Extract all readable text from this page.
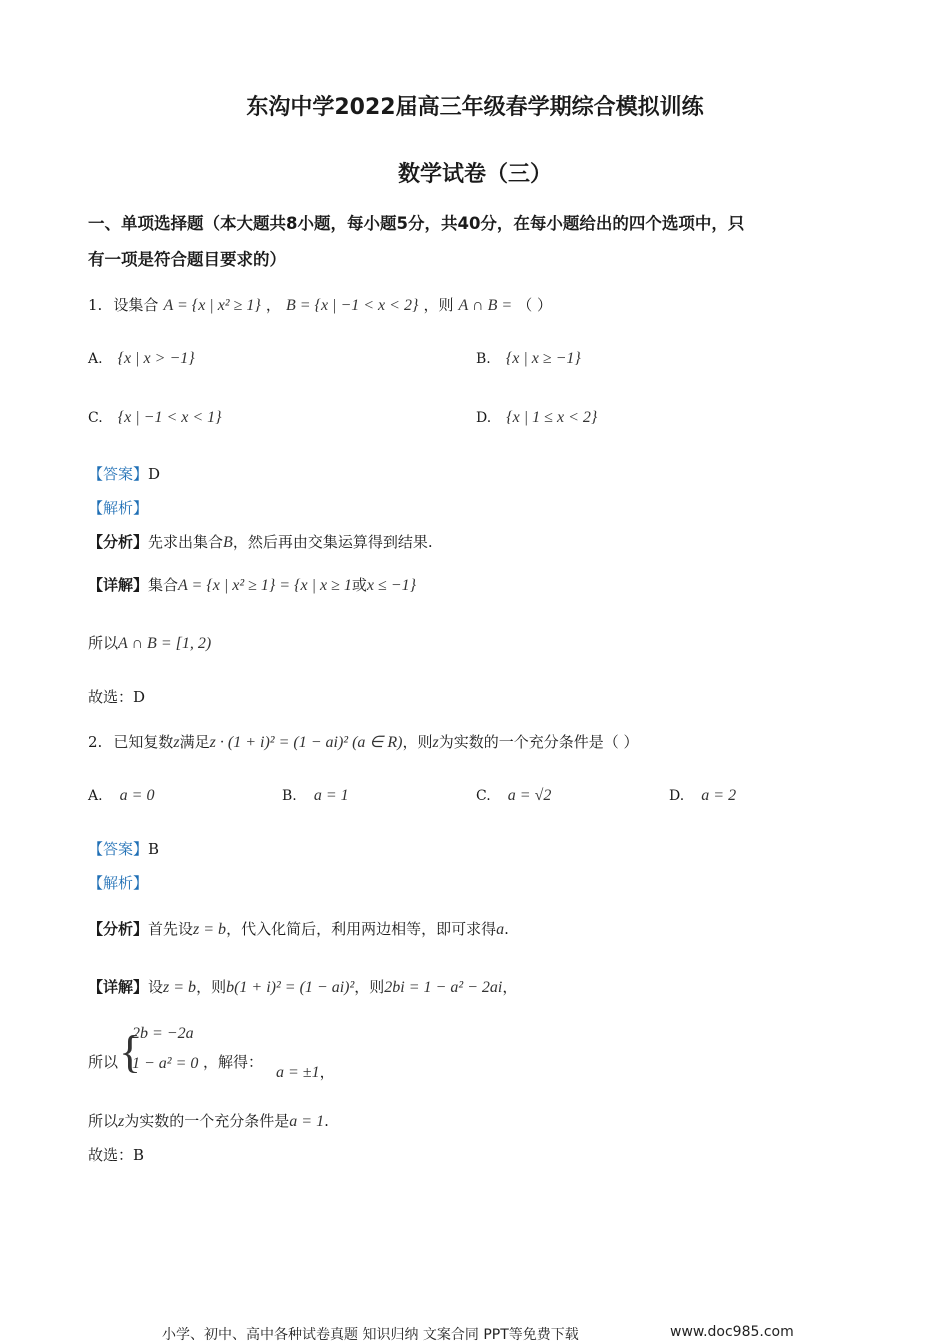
东沟中学2022届高三年级春学期综合模拟训练
数学试卷（三）
一、单项选择题（本大题共8小题，每小题5分，共40分，在每小题给出的四个选项中，只
有一项是符合题目要求的）
1. 设集合 A = {x | x² ≥ 1} ， B = {x | −1 < x < 2} ，则 A ∩ B = （ ）
A. {x | x > −1}	B. {x | x ≥ −1}
C. {x | −1 < x < 1}	D. {x | 1 ≤ x < 2}
【答案】D
【解析】
【分析】先求出集合B，然后再由交集运算得到结果.
【详解】集合A = {x | x² ≥ 1} = {x | x ≥ 1或x ≤ −1}
所以A ∩ B = [1, 2)
故选：D
2. 已知复数z满足z · (1 + i)² = (1 − ai)² (a ∈ R)，则z为实数的一个充分条件是（ ）
A. a = 0	B. a = 1	C. a = √2	D. a = 2
【答案】B
【解析】
【分析】首先设z = b，代入化简后，利用两边相等，即可求得a.
【详解】设z = b，则b(1 + i)² = (1 − ai)²，则2bi = 1 − a² − 2ai，
所以 {
2b = −2a
1 − a² = 0 ，解得：
a = ±1，
所以z为实数的一个充分条件是a = 1.
故选：B
小学、初中、高中各种试卷真题 知识归纳 文案合同 PPT等免费下载	www.doc985.com
